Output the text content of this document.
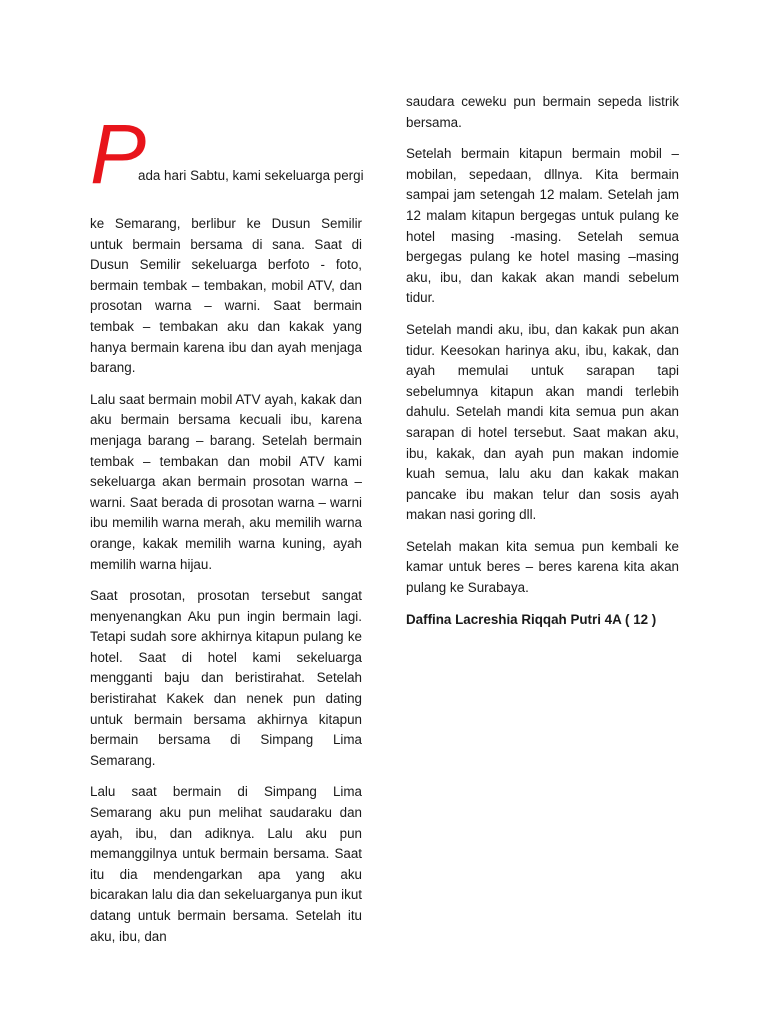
P
ada hari Sabtu, kami sekeluarga pergi

ke Semarang, berlibur ke Dusun Semilir untuk bermain bersama di sana. Saat di Dusun Semilir sekeluarga berfoto - foto, bermain tembak – tembakan, mobil ATV, dan prosotan warna – warni. Saat bermain tembak – tembakan aku dan kakak yang hanya bermain karena ibu dan ayah menjaga barang.

Lalu saat bermain mobil ATV ayah, kakak dan aku bermain bersama kecuali ibu, karena menjaga barang – barang. Setelah bermain tembak – tembakan dan mobil ATV kami sekeluarga akan bermain prosotan warna – warni. Saat berada di prosotan warna – warni ibu memilih warna merah, aku memilih warna orange, kakak memilih warna kuning, ayah memilih warna hijau.

Saat prosotan, prosotan tersebut sangat menyenangkan Aku pun ingin bermain lagi. Tetapi sudah sore akhirnya kitapun pulang ke hotel. Saat di hotel kami sekeluarga mengganti baju dan beristirahat. Setelah beristirahat Kakek dan nenek pun dating untuk bermain bersama akhirnya kitapun bermain bersama di Simpang Lima Semarang.

Lalu saat bermain di Simpang Lima Semarang aku pun melihat saudaraku dan ayah, ibu, dan adiknya. Lalu aku pun memanggilnya untuk bermain bersama. Saat itu dia mendengarkan apa yang aku bicarakan lalu dia dan sekeluarganya pun ikut datang untuk bermain bersama. Setelah itu aku, ibu, dan

saudara ceweku pun bermain sepeda listrik bersama.

Setelah bermain kitapun bermain mobil – mobilan, sepedaan, dllnya. Kita bermain sampai jam setengah 12 malam. Setelah jam 12 malam kitapun bergegas untuk pulang ke hotel masing -masing. Setelah semua bergegas pulang ke hotel masing –masing aku, ibu, dan kakak akan mandi sebelum tidur.

Setelah mandi aku, ibu, dan kakak pun akan tidur. Keesokan harinya aku, ibu, kakak, dan ayah memulai untuk sarapan tapi sebelumnya kitapun akan mandi terlebih dahulu. Setelah mandi kita semua pun akan sarapan di hotel tersebut. Saat makan aku, ibu, kakak, dan ayah pun makan indomie kuah semua, lalu aku dan kakak makan pancake ibu makan telur dan sosis ayah makan nasi goring dll.

Setelah makan kita semua pun kembali ke kamar untuk beres – beres karena kita akan pulang ke Surabaya.

Daffina Lacreshia Riqqah Putri 4A ( 12 )
